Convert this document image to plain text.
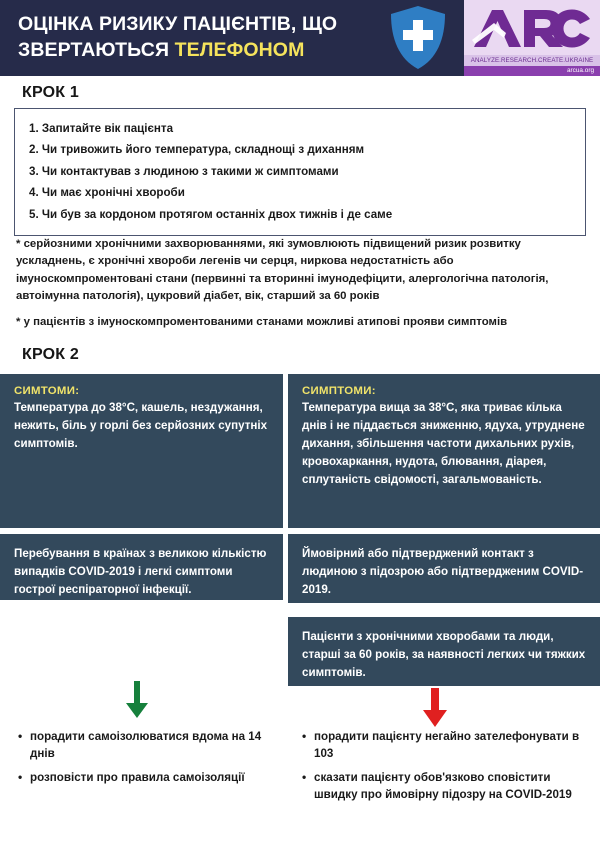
ОЦІНКА РИЗИКУ ПАЦІЄНТІВ, ЩО
ЗВЕРТАЮТЬСЯ ТЕЛЕФОНОМ	ANALYZE.RESEARCH.CREATE.UKRAINE
arcua.org
КРОК 1
1. Запитайте вік пацієнта
2. Чи тривожить його температура, складнощі з диханням
3. Чи контактував з людиною з такими ж симптомами
4. Чи має хронічні хвороби
5. Чи був за кордоном протягом останніх двох тижнів і де саме

* серйозними хронічними захворюваннями, які зумовлюють підвищений ризик розвитку ускладнень, є хронічні хвороби легенів чи серця, ниркова недостатність або імуноскомпроментовані стани (первинні та вторинні імунодефіцити, алергологічна патологія, автоімунна патологія), цукровий діабет, вік, старший за 60 років

* у пацієнтів з імуноскомпроментованими станами можливі атипові прояви симптомів

КРОК 2
СИМТОМИ:

Температура до 38°С, кашель, нездужання, нежить, біль у горлі без серйозних супутніх симптомів.

СИМПТОМИ:

Температура вища за 38°С, яка триває кілька днів і не піддається зниженню, ядуха, утруднене дихання, збільшення частоти дихальних рухів, кровохаркання, нудота, блювання, діарея, сплутаність свідомості, загальмованість.

Перебування в країнах з великою кількістю випадків COVID-2019 і легкі симптоми гострої респіраторної інфекції.

Ймовірний або підтверджений контакт з людиною з підозрою або підтвердженим COVID-2019.

Пацієнти з хронічними хворобами та люди, старші за 60 років, за наявності легких чи тяжких симптомів.

• порадити самоізолюватися вдома на 14 днів
• розповісти про правила самоізоляції
• порадити пацієнту негайно зателефонувати в 103
• сказати пацієнту обов'язково сповістити швидку про ймовірну підозру на COVID-2019
